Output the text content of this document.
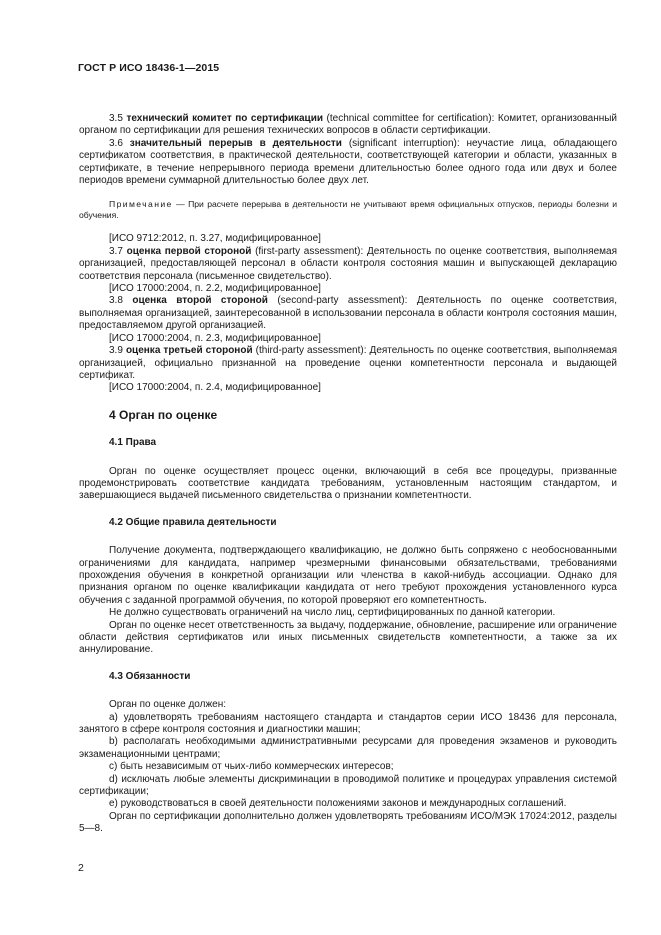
ГОСТ Р ИСО 18436-1—2015

3.5 технический комитет по сертификации (technical committee for certification): Комитет, организованный органом по сертификации для решения технических вопросов в области сертификации.

3.6 значительный перерыв в деятельности (significant interruption): неучастие лица, обладающего сертификатом соответствия, в практической деятельности, соответствующей категории и области, указанных в сертификате, в течение непрерывного периода времени длительностью более одного года или двух и более периодов времени суммарной длительностью более двух лет.

Примечание — При расчете перерыва в деятельности не учитывают время официальных отпусков, периоды болезни и обучения.

[ИСО 9712:2012, п. 3.27, модифицированное]

3.7 оценка первой стороной (first-party assessment): Деятельность по оценке соответствия, выполняемая организацией, предоставляющей персонал в области контроля состояния машин и выпускающей декларацию соответствия персонала (письменное свидетельство).

[ИСО 17000:2004, п. 2.2, модифицированное]

3.8 оценка второй стороной (second-party assessment): Деятельность по оценке соответствия, выполняемая организацией, заинтересованной в использовании персонала в области контроля состояния машин, предоставляемом другой организацией.

[ИСО 17000:2004, п. 2.3, модифицированное]

3.9 оценка третьей стороной (third-party assessment): Деятельность по оценке соответствия, выполняемая организацией, официально признанной на проведение оценки компетентности персонала и выдающей сертификат.

[ИСО 17000:2004, п. 2.4, модифицированное]

4 Орган по оценке
4.1 Права

Орган по оценке осуществляет процесс оценки, включающий в себя все процедуры, призванные продемонстрировать соответствие кандидата требованиям, установленным настоящим стандартом, и завершающиеся выдачей письменного свидетельства о признании компетентности.

4.2 Общие правила деятельности

Получение документа, подтверждающего квалификацию, не должно быть сопряжено с необоснованными ограничениями для кандидата, например чрезмерными финансовыми обязательствами, требованиями прохождения обучения в конкретной организации или членства в какой-нибудь ассоциации. Однако для признания органом по оценке квалификации кандидата от него требуют прохождения установленного курса обучения с заданной программой обучения, по которой проверяют его компетентность.

Не должно существовать ограничений на число лиц, сертифицированных по данной категории.

Орган по оценке несет ответственность за выдачу, поддержание, обновление, расширение или ограничение области действия сертификатов или иных письменных свидетельств компетентности, а также за их аннулирование.

4.3 Обязанности

Орган по оценке должен:

a) удовлетворять требованиям настоящего стандарта и стандартов серии ИСО 18436 для персонала, занятого в сфере контроля состояния и диагностики машин;

b) располагать необходимыми административными ресурсами для проведения экзаменов и руководить экзаменационными центрами;

c) быть независимым от чьих-либо коммерческих интересов;

d) исключать любые элементы дискриминации в проводимой политике и процедурах управления системой сертификации;

e) руководствоваться в своей деятельности положениями законов и международных соглашений.

Орган по сертификации дополнительно должен удовлетворять требованиям ИСО/МЭК 17024:2012, разделы 5—8.

2
